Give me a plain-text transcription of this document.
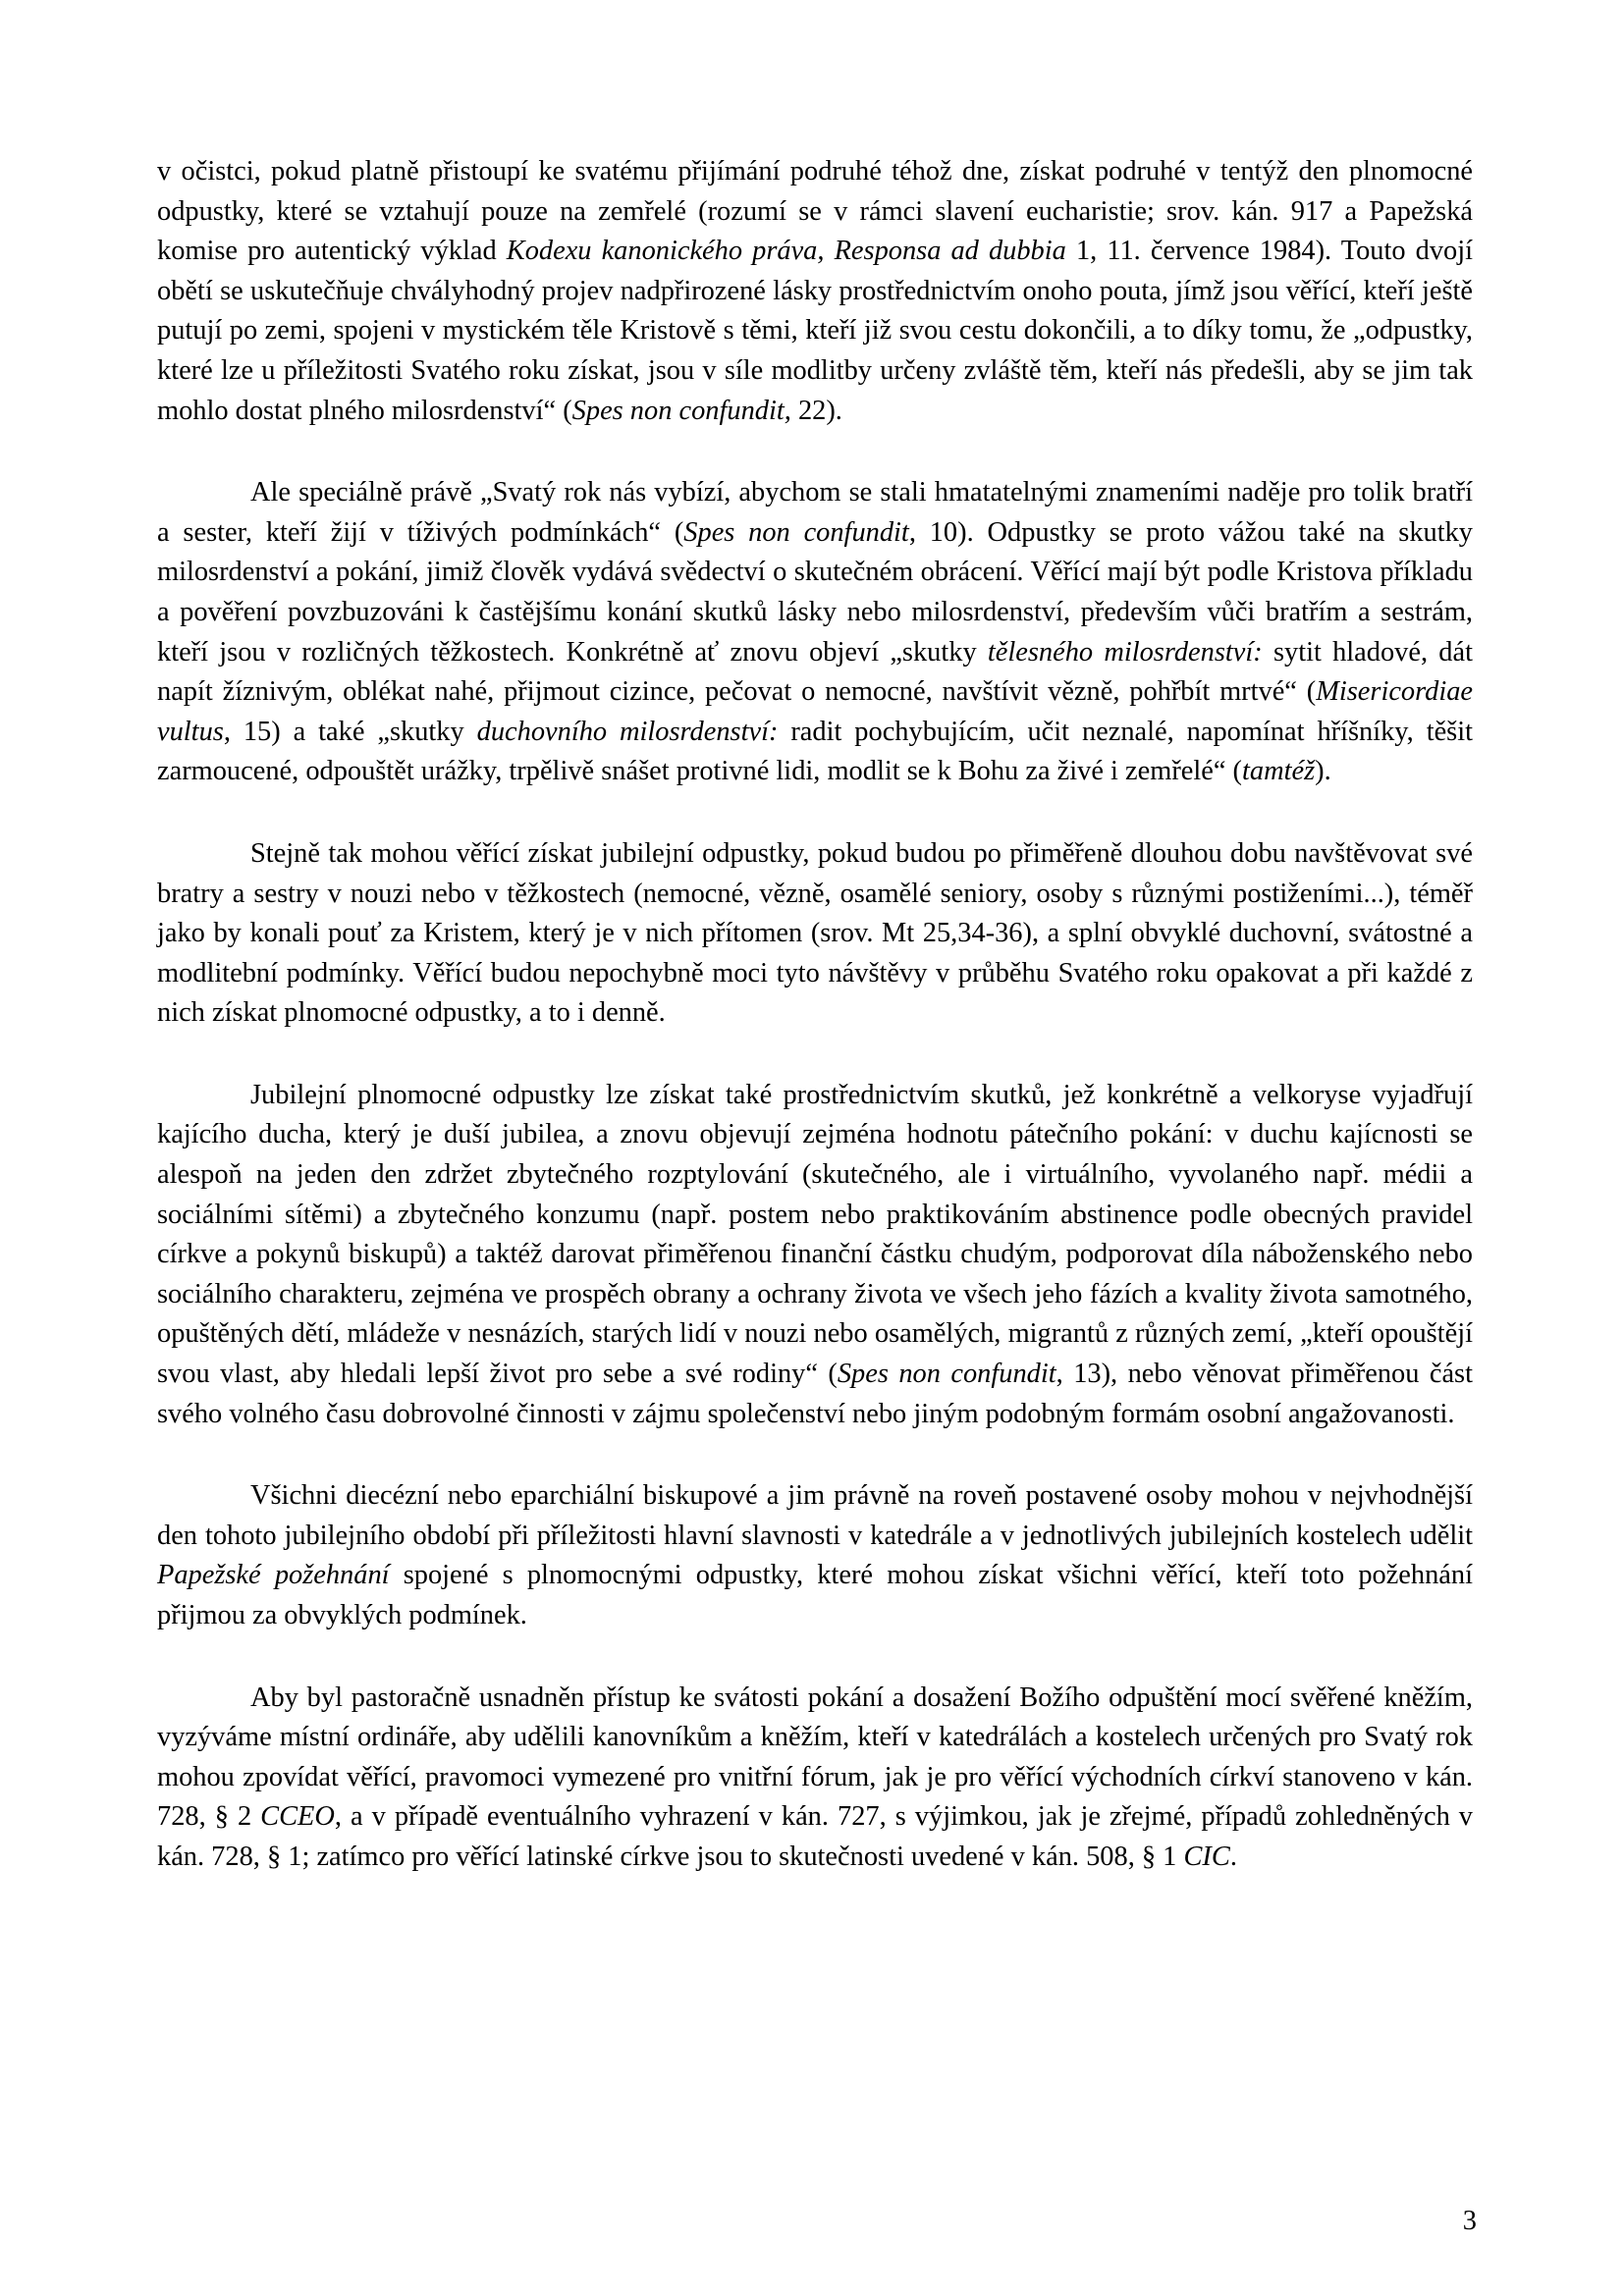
v očistci, pokud platně přistoupí ke svatému přijímání podruhé téhož dne, získat podruhé v tentýž den plnomocné odpustky, které se vztahují pouze na zemřelé (rozumí se v rámci slavení eucharistie; srov. kán. 917 a Papežská komise pro autentický výklad Kodexu kanonického práva, Responsa ad dubbia 1, 11. července 1984). Touto dvojí obětí se uskutečňuje chvályhodný projev nadpřirozené lásky prostřednictvím onoho pouta, jímž jsou věřící, kteří ještě putují po zemi, spojeni v mystickém těle Kristově s těmi, kteří již svou cestu dokončili, a to díky tomu, že „odpustky, které lze u příležitosti Svatého roku získat, jsou v síle modlitby určeny zvláště těm, kteří nás předešli, aby se jim tak mohlo dostat plného milosrdenství“ (Spes non confundit, 22).

Ale speciálně právě „Svatý rok nás vybízí, abychom se stali hmatatelnými znameními naděje pro tolik bratří a sester, kteří žijí v tíživých podmínkách“ (Spes non confundit, 10). Odpustky se proto vážou také na skutky milosrdenství a pokání, jimiž člověk vydává svědectví o skutečném obrácení. Věřící mají být podle Kristova příkladu a pověření povzbuzováni k častějšímu konání skutků lásky nebo milosrdenství, především vůči bratřím a sestrám, kteří jsou v rozličných těžkostech. Konkrétně ať znovu objeví „skutky tělesného milosrdenství: sytit hladové, dát napít žíznivým, oblékat nahé, přijmout cizince, pečovat o nemocné, navštívit vězně, pohřbít mrtvé“ (Misericordiae vultus, 15) a také „skutky duchovního milosrdenství: radit pochybujícím, učit neznalé, napomínat hříšníky, těšit zarmoucené, odpouštět urážky, trpělivě snášet protivné lidi, modlit se k Bohu za živé i zemřelé“ (tamtéž).

Stejně tak mohou věřící získat jubilejní odpustky, pokud budou po přiměřeně dlouhou dobu navštěvovat své bratry a sestry v nouzi nebo v těžkostech (nemocné, vězně, osamělé seniory, osoby s různými postiženími...), téměř jako by konali pouť za Kristem, který je v nich přítomen (srov. Mt 25,34-36), a splní obvyklé duchovní, svátostné a modlitební podmínky. Věřící budou nepochybně moci tyto návštěvy v průběhu Svatého roku opakovat a při každé z nich získat plnomocné odpustky, a to i denně.

Jubilejní plnomocné odpustky lze získat také prostřednictvím skutků, jež konkrétně a velkoryse vyjadřují kajícího ducha, který je duší jubilea, a znovu objevují zejména hodnotu pátečního pokání: v duchu kajícnosti se alespoň na jeden den zdržet zbytečného rozptylování (skutečného, ale i virtuálního, vyvolaného např. médii a sociálními sítěmi) a zbytečného konzumu (např. postem nebo praktikováním abstinence podle obecných pravidel církve a pokynů biskupů) a taktéž darovat přiměřenou finanční částku chudým, podporovat díla náboženského nebo sociálního charakteru, zejména ve prospěch obrany a ochrany života ve všech jeho fázích a kvality života samotného, opuštěných dětí, mládeže v nesnázích, starých lidí v nouzi nebo osamělých, migrantů z různých zemí, „kteří opouštějí svou vlast, aby hledali lepší život pro sebe a své rodiny“ (Spes non confundit, 13), nebo věnovat přiměřenou část svého volného času dobrovolné činnosti v zájmu společenství nebo jiným podobným formám osobní angažovanosti.

Všichni diecézní nebo eparchiální biskupové a jim právně na roveň postavené osoby mohou v nejvhodnější den tohoto jubilejního období při příležitosti hlavní slavnosti v katedrále a v jednotlivých jubilejních kostelech udělit Papežské požehnání spojené s plnomocnými odpustky, které mohou získat všichni věřící, kteří toto požehnání přijmou za obvyklých podmínek.

Aby byl pastoračně usnadněn přístup ke svátosti pokání a dosažení Božího odpuštění mocí svěřené kněžím, vyzýváme místní ordináře, aby udělili kanovníkům a kněžím, kteří v katedrálách a kostelech určených pro Svatý rok mohou zpovídat věřící, pravomoci vymezené pro vnitřní fórum, jak je pro věřící východních církví stanoveno v kán. 728, § 2 CCEO, a v případě eventuálního vyhrazení v kán. 727, s výjimkou, jak je zřejmé, případů zohledněných v kán. 728, § 1; zatímco pro věřící latinské církve jsou to skutečnosti uvedené v kán. 508, § 1 CIC.

3
